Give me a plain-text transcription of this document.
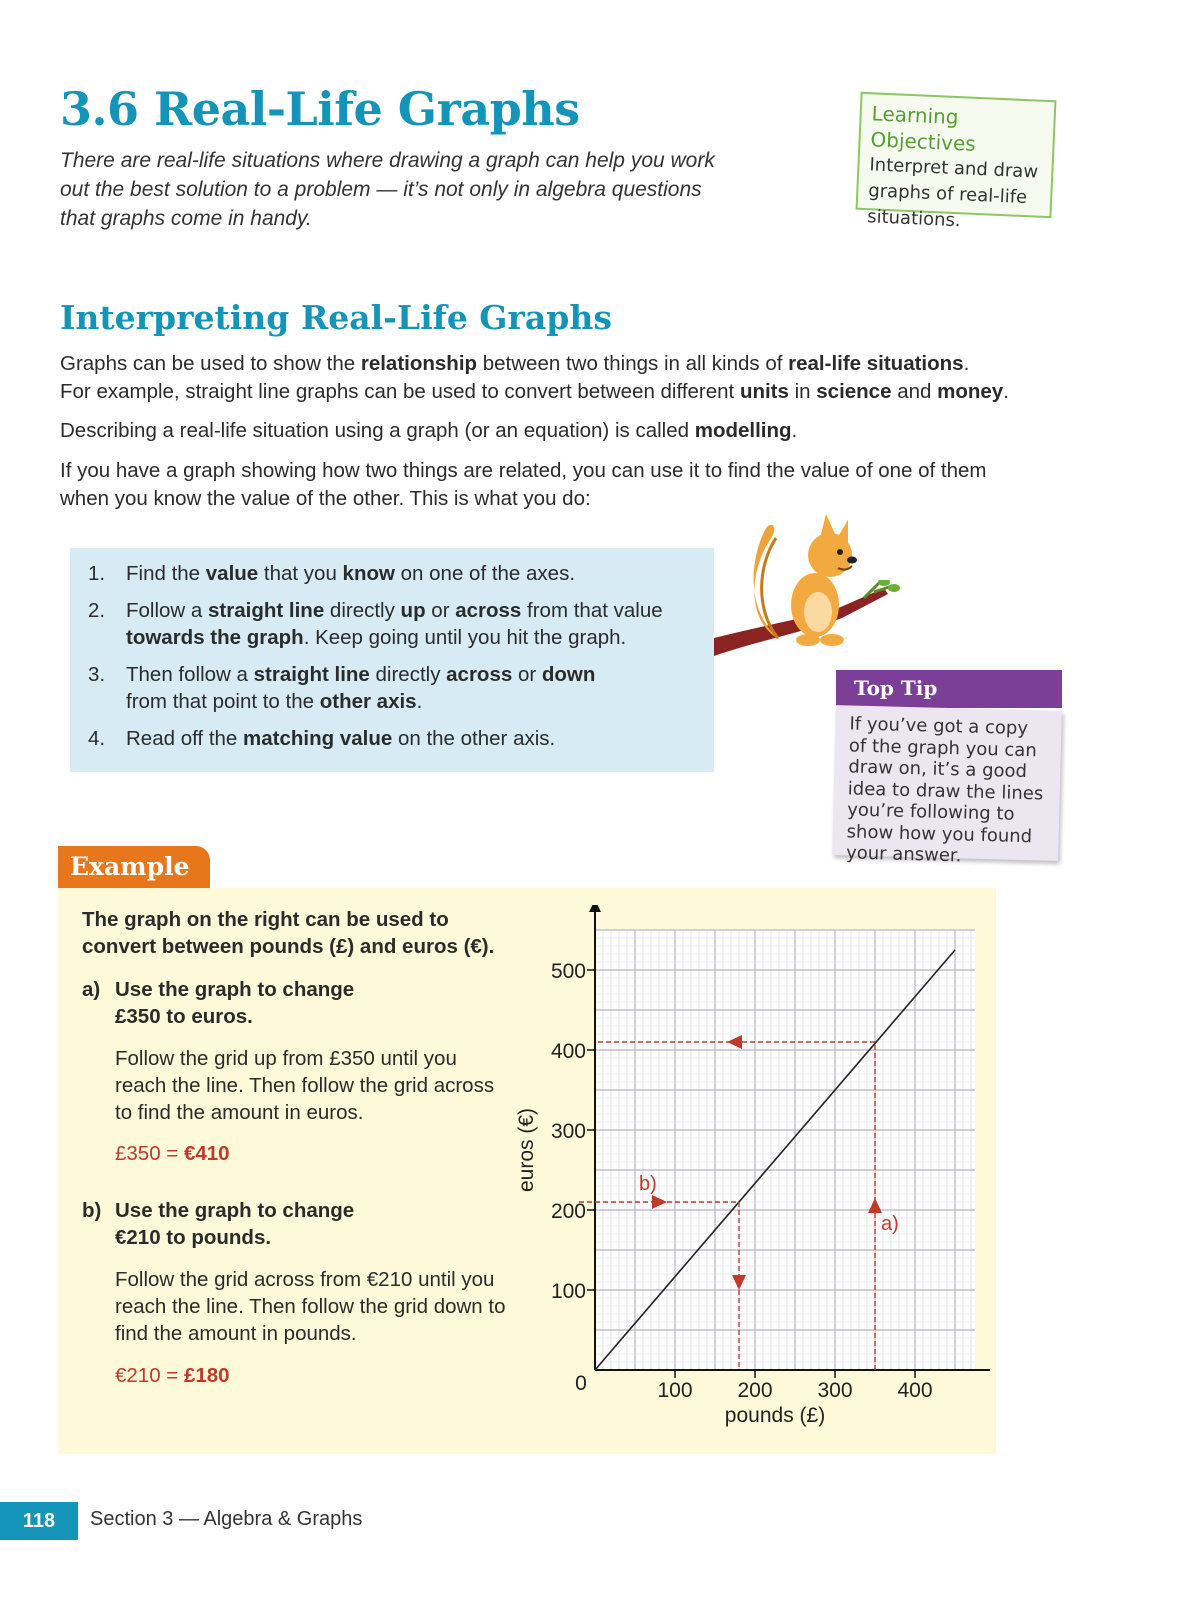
3.6 Real-Life Graphs

There are real-life situations where drawing a graph can help you work out the best solution to a problem — it’s not only in algebra questions that graphs come in handy.

Learning Objectives
Interpret and draw graphs of real-life situations.
Interpreting Real-Life Graphs

Graphs can be used to show the relationship between two things in all kinds of real-life situations.
For example, straight line graphs can be used to convert between different units in science and money.

Describing a real-life situation using a graph (or an equation) is called modelling.

If you have a graph showing how two things are related, you can use it to find the value of one of them when you know the value of the other. This is what you do:

1.	Find the value that you know on one of the axes.
2.	Follow a straight line directly up or across from that value
towards the graph. Keep going until you hit the graph.
3.	Then follow a straight line directly across or down
from that point to the other axis.
4.	Read off the matching value on the other axis.
Top Tip
If you’ve got a copy of the graph you can draw on, it’s a good idea to draw the lines you’re following to show how you found your answer.
Example

The graph on the right can be used to convert between pounds (£) and euros (€).

a) Use the graph to change £350 to euros.

Follow the grid up from £350 until you reach the line. Then follow the grid across to find the amount in euros.

£350 = €410

b) Use the graph to change €210 to pounds.

Follow the grid across from €210 until you reach the line. Then follow the grid down to find the amount in pounds.

€210 = £180

100 200 300 400
100
200
300
400
500
0
pounds (£)
euros (€)
a)
b)
118	Section 3 — Algebra & Graphs
